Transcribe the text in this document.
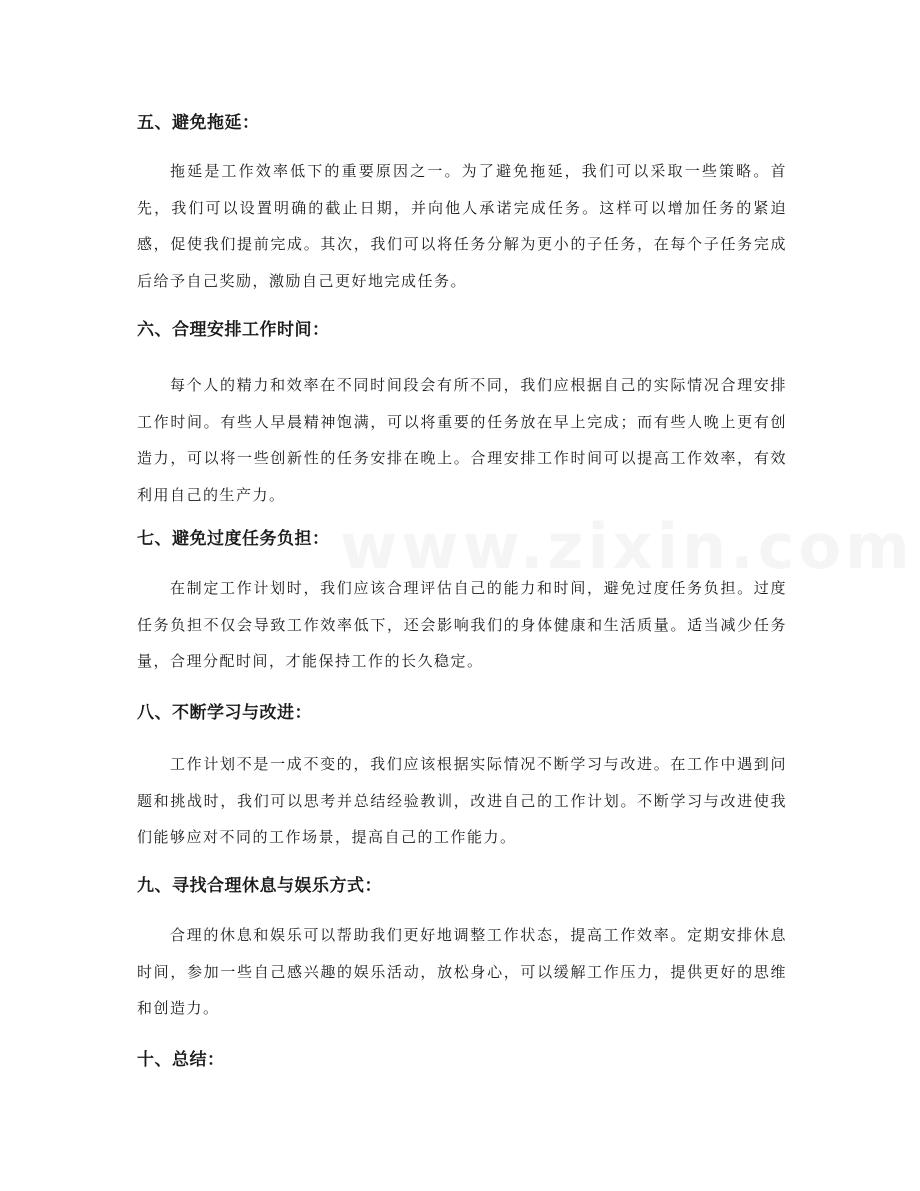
五、避免拖延：

拖延是工作效率低下的重要原因之一。为了避免拖延，我们可以采取一些策略。首先，我们可以设置明确的截止日期，并向他人承诺完成任务。这样可以增加任务的紧迫感，促使我们提前完成。其次，我们可以将任务分解为更小的子任务，在每个子任务完成后给予自己奖励，激励自己更好地完成任务。

六、合理安排工作时间：

每个人的精力和效率在不同时间段会有所不同，我们应根据自己的实际情况合理安排工作时间。有些人早晨精神饱满，可以将重要的任务放在早上完成；而有些人晚上更有创造力，可以将一些创新性的任务安排在晚上。合理安排工作时间可以提高工作效率，有效利用自己的生产力。

七、避免过度任务负担：

在制定工作计划时，我们应该合理评估自己的能力和时间，避免过度任务负担。过度任务负担不仅会导致工作效率低下，还会影响我们的身体健康和生活质量。适当减少任务量，合理分配时间，才能保持工作的长久稳定。

八、不断学习与改进：

工作计划不是一成不变的，我们应该根据实际情况不断学习与改进。在工作中遇到问题和挑战时，我们可以思考并总结经验教训，改进自己的工作计划。不断学习与改进使我们能够应对不同的工作场景，提高自己的工作能力。

九、寻找合理休息与娱乐方式：

合理的休息和娱乐可以帮助我们更好地调整工作状态，提高工作效率。定期安排休息时间，参加一些自己感兴趣的娱乐活动，放松身心，可以缓解工作压力，提供更好的思维和创造力。

十、总结：
